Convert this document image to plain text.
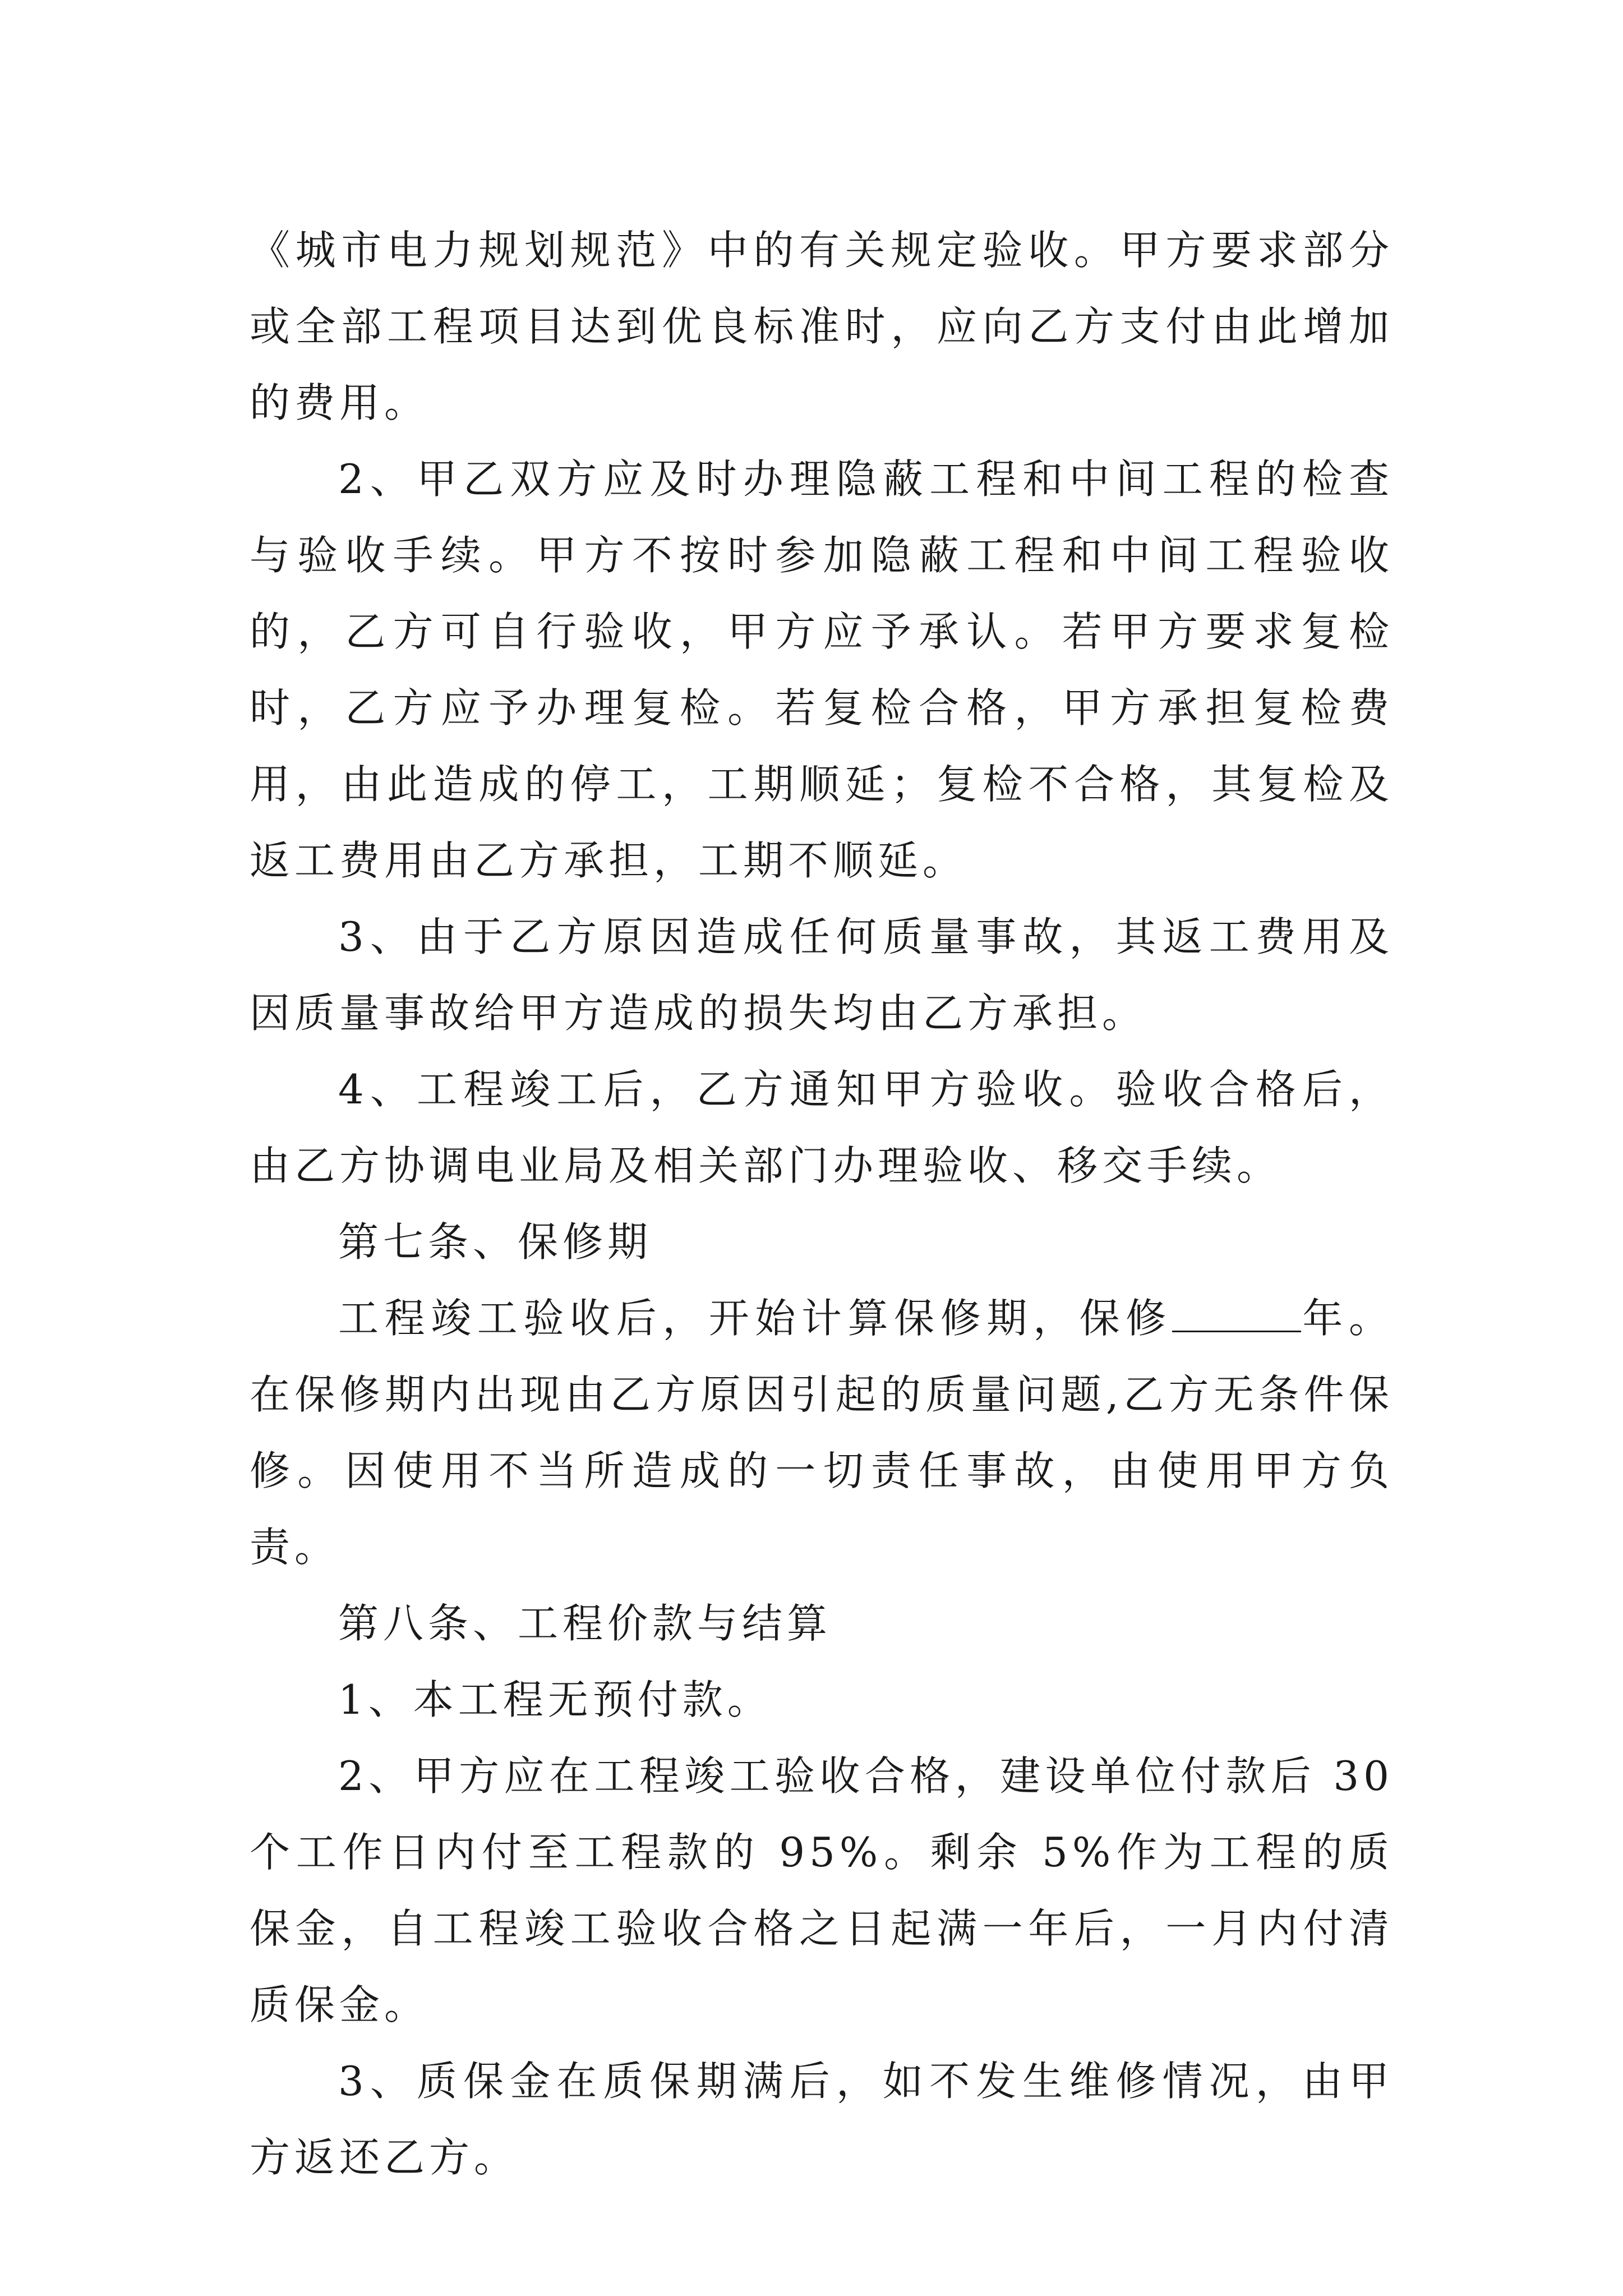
《城市电力规划规范》中的有关规定验收。甲方要求部分或全部工程项目达到优良标准时，应向乙方支付由此增加的费用。

2、甲乙双方应及时办理隐蔽工程和中间工程的检查与验收手续。甲方不按时参加隐蔽工程和中间工程验收的，乙方可自行验收，甲方应予承认。若甲方要求复检时，乙方应予办理复检。若复检合格，甲方承担复检费用，由此造成的停工，工期顺延；复检不合格，其复检及返工费用由乙方承担，工期不顺延。

3、由于乙方原因造成任何质量事故，其返工费用及因质量事故给甲方造成的损失均由乙方承担。

4、工程竣工后，乙方通知甲方验收。验收合格后，由乙方协调电业局及相关部门办理验收、移交手续。

第七条、保修期

工程竣工验收后，开始计算保修期，保修	年。在保修期内出现由乙方原因引起的质量问题,乙方无条件保修。因使用不当所造成的一切责任事故，由使用甲方负责。

第八条、工程价款与结算

1、本工程无预付款。

2、甲方应在工程竣工验收合格，建设单位付款后 30 个工作日内付至工程款的 95%。剩余 5%作为工程的质保金，自工程竣工验收合格之日起满一年后，一月内付清质保金。

3、质保金在质保期满后，如不发生维修情况，由甲方返还乙方。
